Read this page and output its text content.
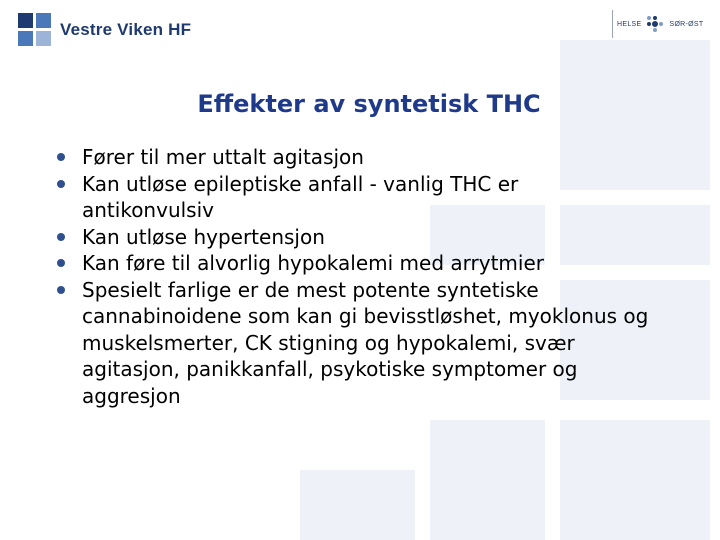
Vestre Viken HF	HELSE	SØR-ØST
Effekter av syntetisk THC
Fører til mer uttalt agitasjon
Kan utløse epileptiske anfall - vanlig THC er antikonvulsiv
Kan utløse hypertensjon
Kan føre til alvorlig hypokalemi med arrytmier
Spesielt farlige er de mest potente syntetiske cannabinoidene som kan gi bevisstløshet, myoklonus og muskelsmerter, CK stigning og hypokalemi, svær agitasjon, panikkanfall, psykotiske symptomer og aggresjon
